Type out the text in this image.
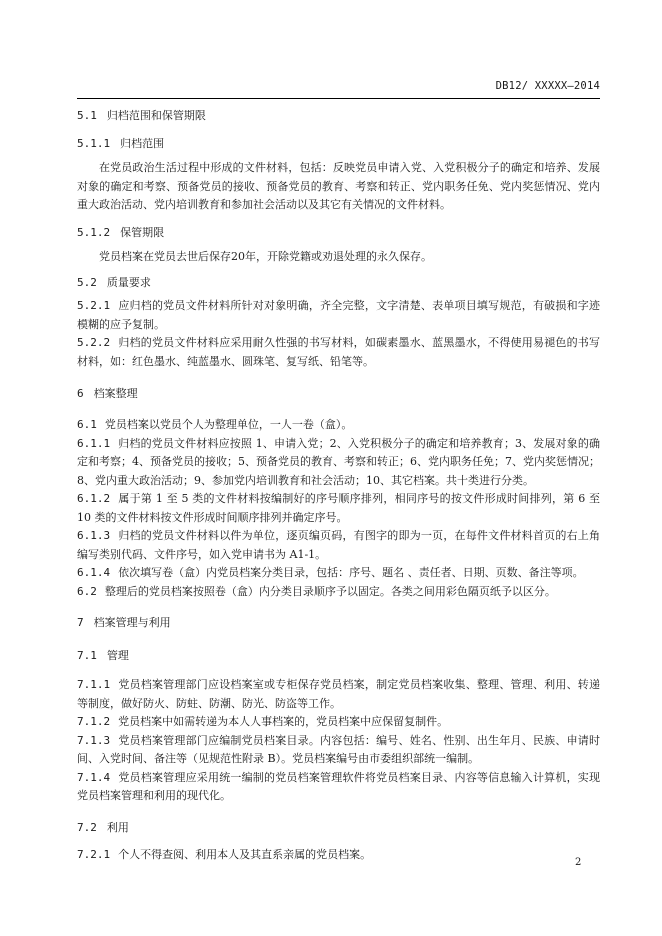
DB12/ XXXXX—2014
5.1 归档范围和保管期限
5.1.1 归档范围
在党员政治生活过程中形成的文件材料，包括：反映党员申请入党、入党积极分子的确定和培养、发展对象的确定和考察、预备党员的接收、预备党员的教育、考察和转正、党内职务任免、党内奖惩情况、党内重大政治活动、党内培训教育和参加社会活动以及其它有关情况的文件材料。
5.1.2 保管期限
党员档案在党员去世后保存20年，开除党籍或劝退处理的永久保存。
5.2 质量要求
5.2.1 应归档的党员文件材料所针对对象明确，齐全完整，文字清楚、表单项目填写规范，有破损和字迹模糊的应予复制。
5.2.2 归档的党员文件材料应采用耐久性强的书写材料，如碳素墨水、蓝黑墨水，不得使用易褪色的书写材料，如：红色墨水、纯蓝墨水、圆珠笔、复写纸、铅笔等。
6 档案整理
6.1 党员档案以党员个人为整理单位，一人一卷（盒）。
6.1.1 归档的党员文件材料应按照 1、申请入党；2、入党积极分子的确定和培养教育；3、发展对象的确定和考察；4、预备党员的接收；5、预备党员的教育、考察和转正；6、党内职务任免；7、党内奖惩情况；8、党内重大政治活动；9、参加党内培训教育和社会活动；10、其它档案。共十类进行分类。
6.1.2 属于第 1 至 5 类的文件材料按编制好的序号顺序排列，相同序号的按文件形成时间排列，第 6 至 10 类的文件材料按文件形成时间顺序排列并确定序号。
6.1.3 归档的党员文件材料以件为单位，逐页编页码，有图字的即为一页，在每件文件材料首页的右上角编写类别代码、文件序号，如入党申请书为 A1-1。
6.1.4 依次填写卷（盒）内党员档案分类目录，包括：序号、题名 、责任者、日期、页数、备注等项。
6.2 整理后的党员档案按照卷（盒）内分类目录顺序予以固定。各类之间用彩色隔页纸予以区分。
7 档案管理与利用
7.1 管理
7.1.1 党员档案管理部门应设档案室或专柜保存党员档案，制定党员档案收集、整理、管理、利用、转递等制度，做好防火、防蛀、防潮、防光、防盗等工作。
7.1.2 党员档案中如需转递为本人人事档案的，党员档案中应保留复制件。
7.1.3 党员档案管理部门应编制党员档案目录。内容包括：编号、姓名、性别、出生年月、民族、申请时间、入党时间、备注等（见规范性附录 B）。党员档案编号由市委组织部统一编制。
7.1.4 党员档案管理应采用统一编制的党员档案管理软件将党员档案目录、内容等信息输入计算机，实现党员档案管理和利用的现代化。
7.2 利用
7.2.1 个人不得查阅、利用本人及其直系亲属的党员档案。
2
